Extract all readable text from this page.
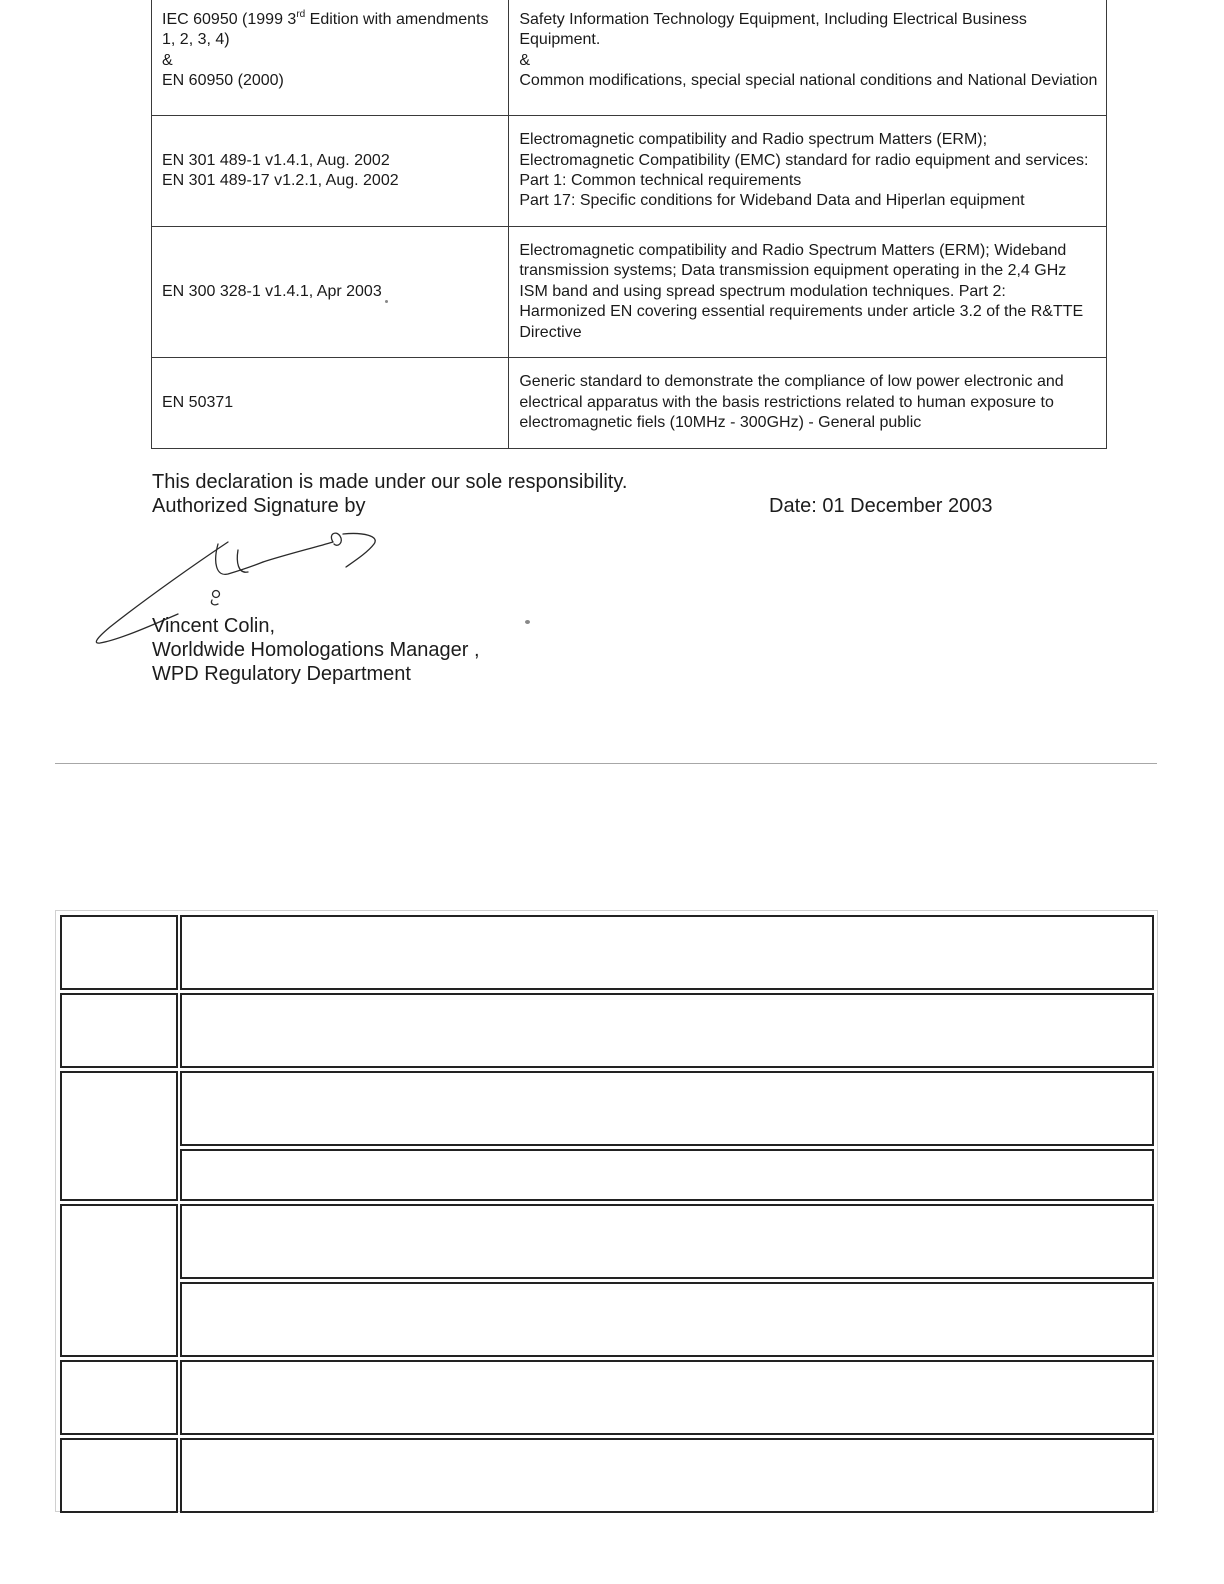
IEC 60950 (1999 3rd Edition with amendments
1, 2, 3, 4)
&
EN 60950 (2000)	Safety Information Technology Equipment, Including Electrical Business
Equipment.
&
Common modifications, special special national conditions and National Deviation

EN 301 489-1 v1.4.1, Aug. 2002
EN 301 489-17 v1.2.1, Aug. 2002	Electromagnetic compatibility and Radio spectrum Matters (ERM);
Electromagnetic Compatibility (EMC) standard for radio equipment and services:
Part 1: Common technical requirements
Part 17: Specific conditions for Wideband Data and Hiperlan equipment

EN 300 328-1 v1.4.1, Apr 2003	Electromagnetic compatibility and Radio Spectrum Matters (ERM); Wideband
transmission systems; Data transmission equipment operating in the 2,4 GHz
ISM band and using spread spectrum modulation techniques. Part 2:
Harmonized EN covering essential requirements under article 3.2 of the R&TTE
Directive

EN 50371	Generic standard to demonstrate the compliance of low power electronic and
electrical apparatus with the basis restrictions related to human exposure to
electromagnetic fiels (10MHz - 300GHz) - General public
This declaration is made under our sole responsibility.
Authorized Signature by	Date: 01 December 2003
Vincent Colin,
Worldwide Homologations Manager ,
WPD Regulatory Department
